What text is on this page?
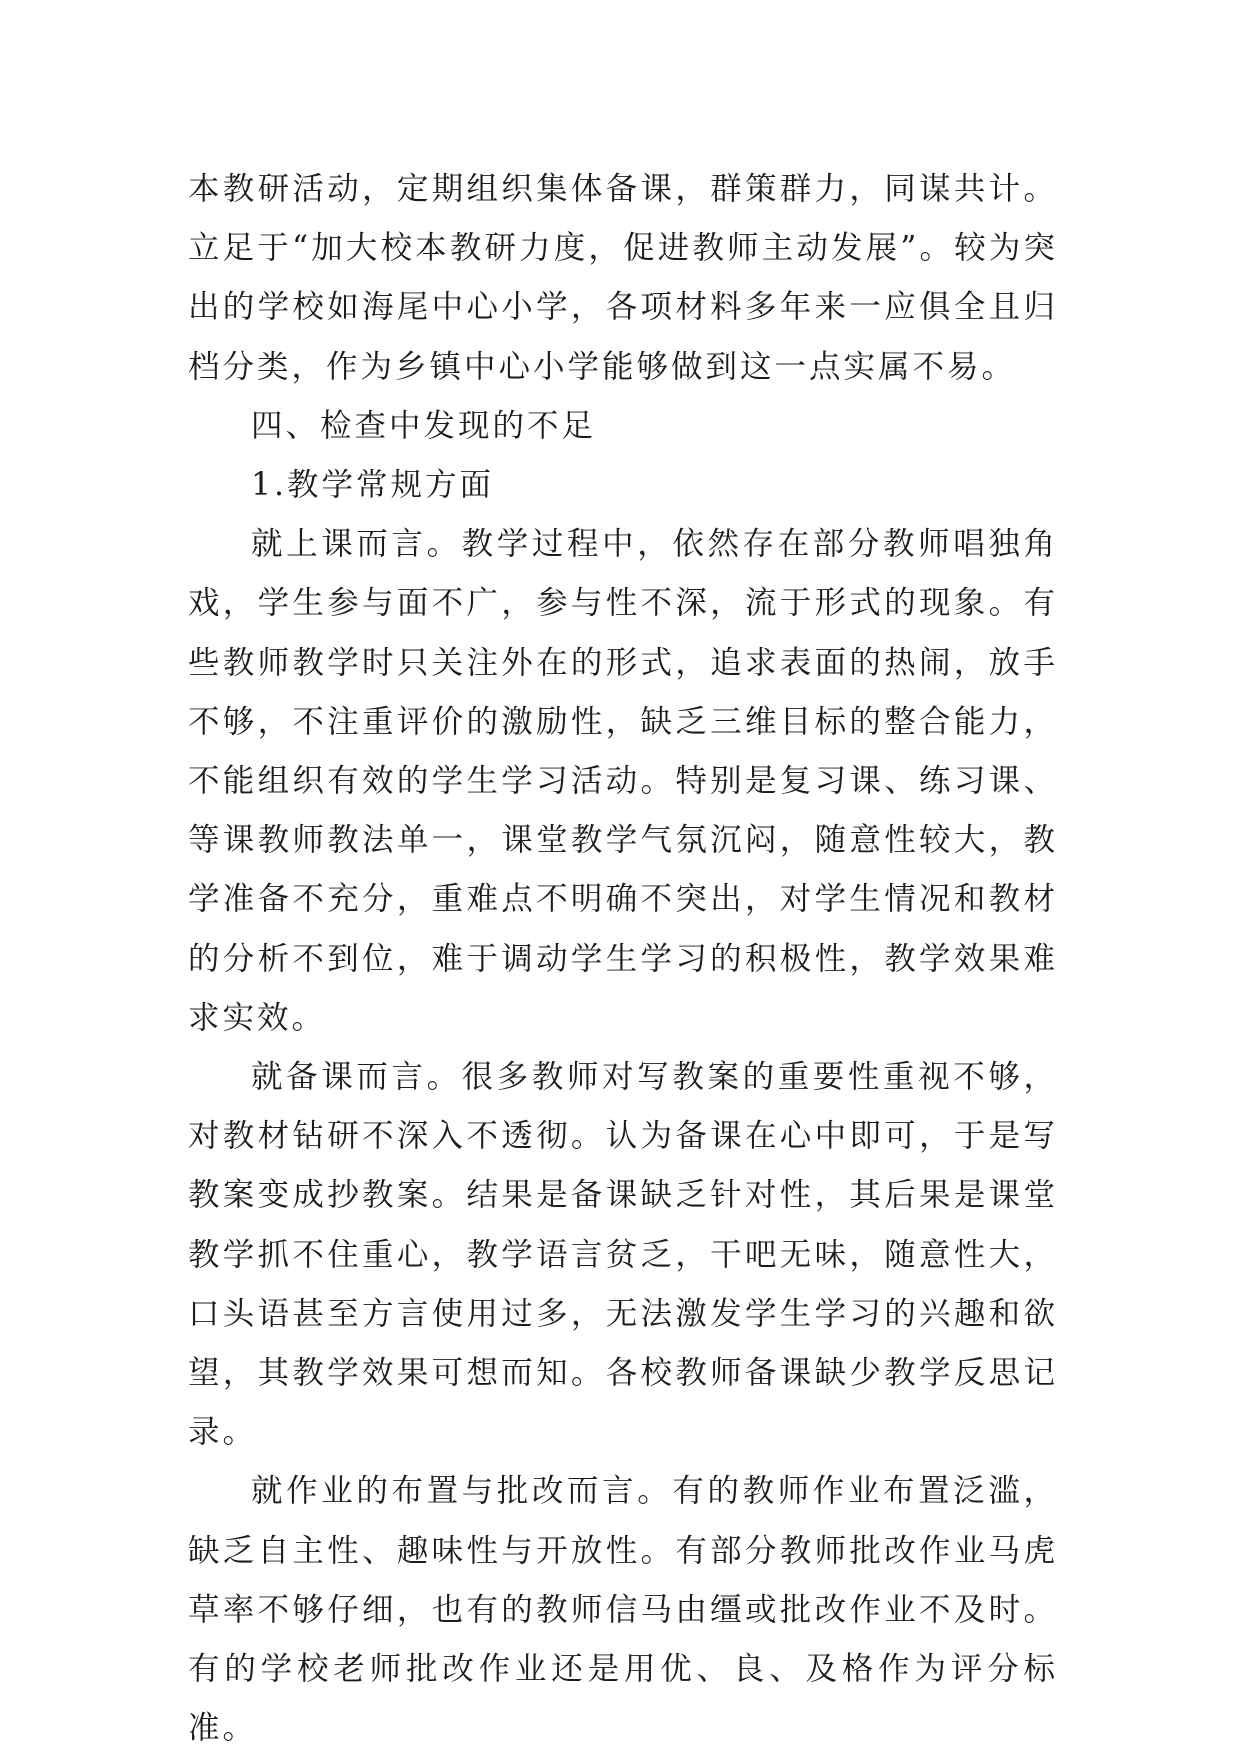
本教研活动，定期组织集体备课，群策群力，同谋共计。立足于“加大校本教研力度，促进教师主动发展”。较为突出的学校如海尾中心小学，各项材料多年来一应俱全且归档分类，作为乡镇中心小学能够做到这一点实属不易。

四、检查中发现的不足

1.教学常规方面

就上课而言。教学过程中，依然存在部分教师唱独角戏，学生参与面不广，参与性不深，流于形式的现象。有些教师教学时只关注外在的形式，追求表面的热闹，放手不够，不注重评价的激励性，缺乏三维目标的整合能力，不能组织有效的学生学习活动。特别是复习课、练习课、等课教师教法单一，课堂教学气氛沉闷，随意性较大，教学准备不充分，重难点不明确不突出，对学生情况和教材的分析不到位，难于调动学生学习的积极性，教学效果难求实效。

就备课而言。很多教师对写教案的重要性重视不够，对教材钻研不深入不透彻。认为备课在心中即可，于是写教案变成抄教案。结果是备课缺乏针对性，其后果是课堂教学抓不住重心，教学语言贫乏，干吧无味，随意性大，口头语甚至方言使用过多，无法激发学生学习的兴趣和欲望，其教学效果可想而知。各校教师备课缺少教学反思记录。

就作业的布置与批改而言。有的教师作业布置泛滥，缺乏自主性、趣味性与开放性。有部分教师批改作业马虎草率不够仔细，也有的教师信马由缰或批改作业不及时。有的学校老师批改作业还是用优、良、及格作为评分标准。
